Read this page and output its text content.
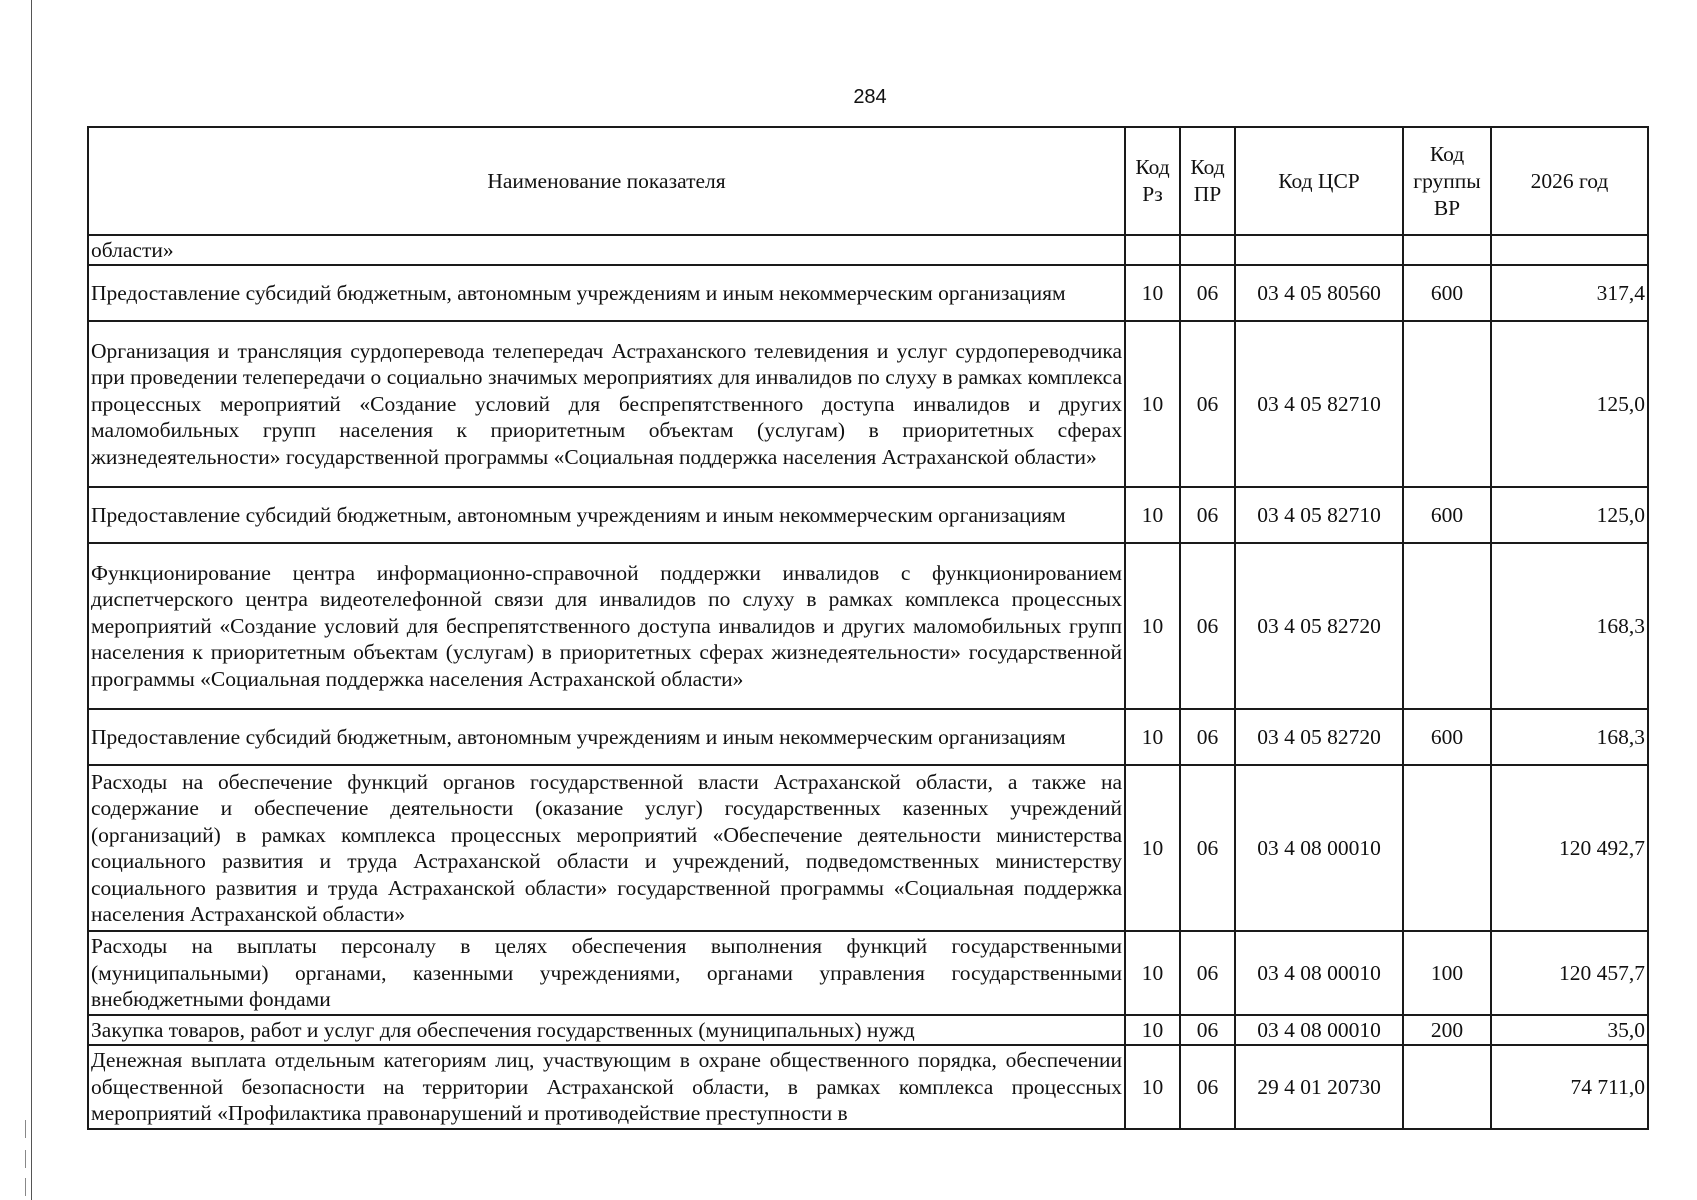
284
Наименование показателя	Код Рз	Код ПР	Код ЦСР	Код группы ВР	2026 год
области»					
Предоставление субсидий бюджетным, автономным учреждениям и иным некоммерческим организациям	10	06	03 4 05 80560	600	317,4
Организация и трансляция сурдоперевода телепередач Астраханского телевидения и услуг сурдопереводчика при проведении телепередачи о социально значимых мероприятиях для инвалидов по слуху в рамках комплекса процессных мероприятий «Создание условий для беспрепятственного доступа инвалидов и других маломобильных групп населения к приоритетным объектам (услугам) в приоритетных сферах жизнедеятельности» государственной программы «Социальная поддержка населения Астраханской области»	10	06	03 4 05 82710		125,0
Предоставление субсидий бюджетным, автономным учреждениям и иным некоммерческим организациям	10	06	03 4 05 82710	600	125,0
Функционирование центра информационно-справочной поддержки инвалидов с функционированием диспетчерского центра видеотелефонной связи для инвалидов по слуху в рамках комплекса процессных мероприятий «Создание условий для беспрепятственного доступа инвалидов и других маломобильных групп населения к приоритетным объектам (услугам) в приоритетных сферах жизнедеятельности» государственной программы «Социальная поддержка населения Астраханской области»	10	06	03 4 05 82720		168,3
Предоставление субсидий бюджетным, автономным учреждениям и иным некоммерческим организациям	10	06	03 4 05 82720	600	168,3
Расходы на обеспечение функций органов государственной власти Астраханской области, а также на содержание и обеспечение деятельности (оказание услуг) государственных казенных учреждений (организаций) в рамках комплекса процессных мероприятий «Обеспечение деятельности министерства социального развития и труда Астраханской области и учреждений, подведомственных министерству социального развития и труда Астраханской области» государственной программы «Социальная поддержка населения Астраханской области»	10	06	03 4 08 00010		120 492,7
Расходы на выплаты персоналу в целях обеспечения выполнения функций государственными (муниципальными) органами, казенными учреждениями, органами управления государственными внебюджетными фондами	10	06	03 4 08 00010	100	120 457,7
Закупка товаров, работ и услуг для обеспечения государственных (муниципальных) нужд	10	06	03 4 08 00010	200	35,0
Денежная выплата отдельным категориям лиц, участвующим в охране общественного порядка, обеспечении общественной безопасности на территории Астраханской области, в рамках комплекса процессных мероприятий «Профилактика правонарушений и противодействие преступности в	10	06	29 4 01 20730		74 711,0
